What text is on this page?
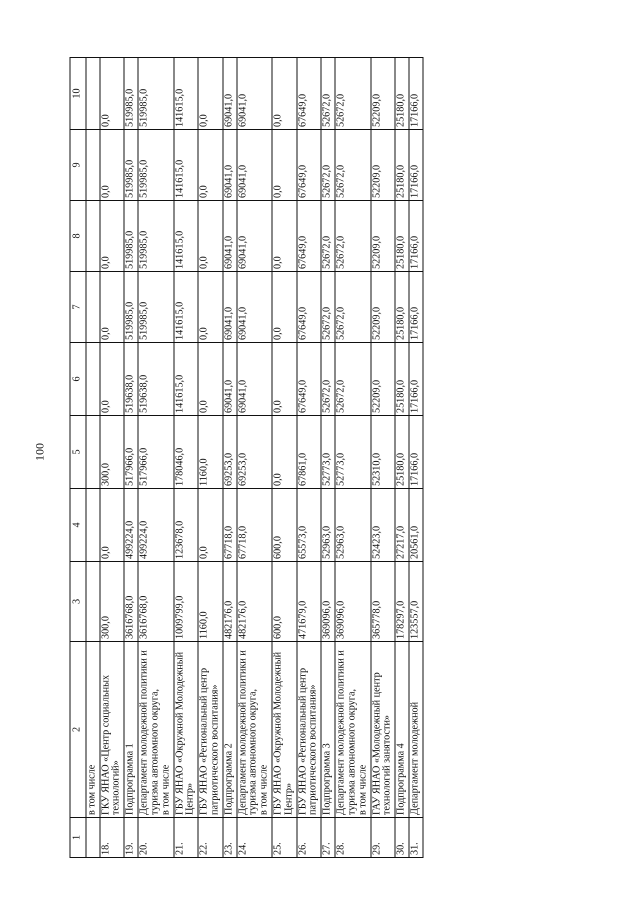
100
1	2	3	4	5	6	7	8	9	10

	в том числе								

18.	ГКУ ЯНАО «Центр социальных технологий»	300,0	0,0	300,0	0,0	0,0	0,0	0,0	0,0

19.	Подпрограмма 1	3616768,0	499224,0	517966,0	519638,0	519985,0	519985,0	519985,0	519985,0

20.	Департамент молодежной политики и туризма автономного округа, в том числе	3616768,0	499224,0	517966,0	519638,0	519985,0	519985,0	519985,0	519985,0

21.	ГБУ ЯНАО «Окружной Молодежный Центр»	1009799,0	123678,0	178046,0	141615,0	141615,0	141615,0	141615,0	141615,0

22.	ГБУ ЯНАО «Региональный центр патриотического воспитания»	1160,0	0,0	1160,0	0,0	0,0	0,0	0,0	0,0

23.	Подпрограмма 2	482176,0	67718,0	69253,0	69041,0	69041,0	69041,0	69041,0	69041,0

24.	Департамент молодежной политики и туризма автономного округа, в том числе	482176,0	67718,0	69253,0	69041,0	69041,0	69041,0	69041,0	69041,0

25.	ГБУ ЯНАО «Окружной Молодежный Центр»	600,0	600,0	0,0	0,0	0,0	0,0	0,0	0,0

26.	ГБУ ЯНАО «Региональный центр патриотического воспитания»	471679,0	65573,0	67861,0	67649,0	67649,0	67649,0	67649,0	67649,0

27.	Подпрограмма 3	369096,0	52963,0	52773,0	52672,0	52672,0	52672,0	52672,0	52672,0

28.	Департамент молодежной политики и туризма автономного округа, в том числе	369096,0	52963,0	52773,0	52672,0	52672,0	52672,0	52672,0	52672,0

29.	ГАУ ЯНАО «Молодежный центр технологий занятости»	365778,0	52423,0	52310,0	52209,0	52209,0	52209,0	52209,0	52209,0

30.	Подпрограмма 4	178297,0	27217,0	25180,0	25180,0	25180,0	25180,0	25180,0	25180,0

31.	Департамент молодежной	123557,0	20561,0	17166,0	17166,0	17166,0	17166,0	17166,0	17166,0
